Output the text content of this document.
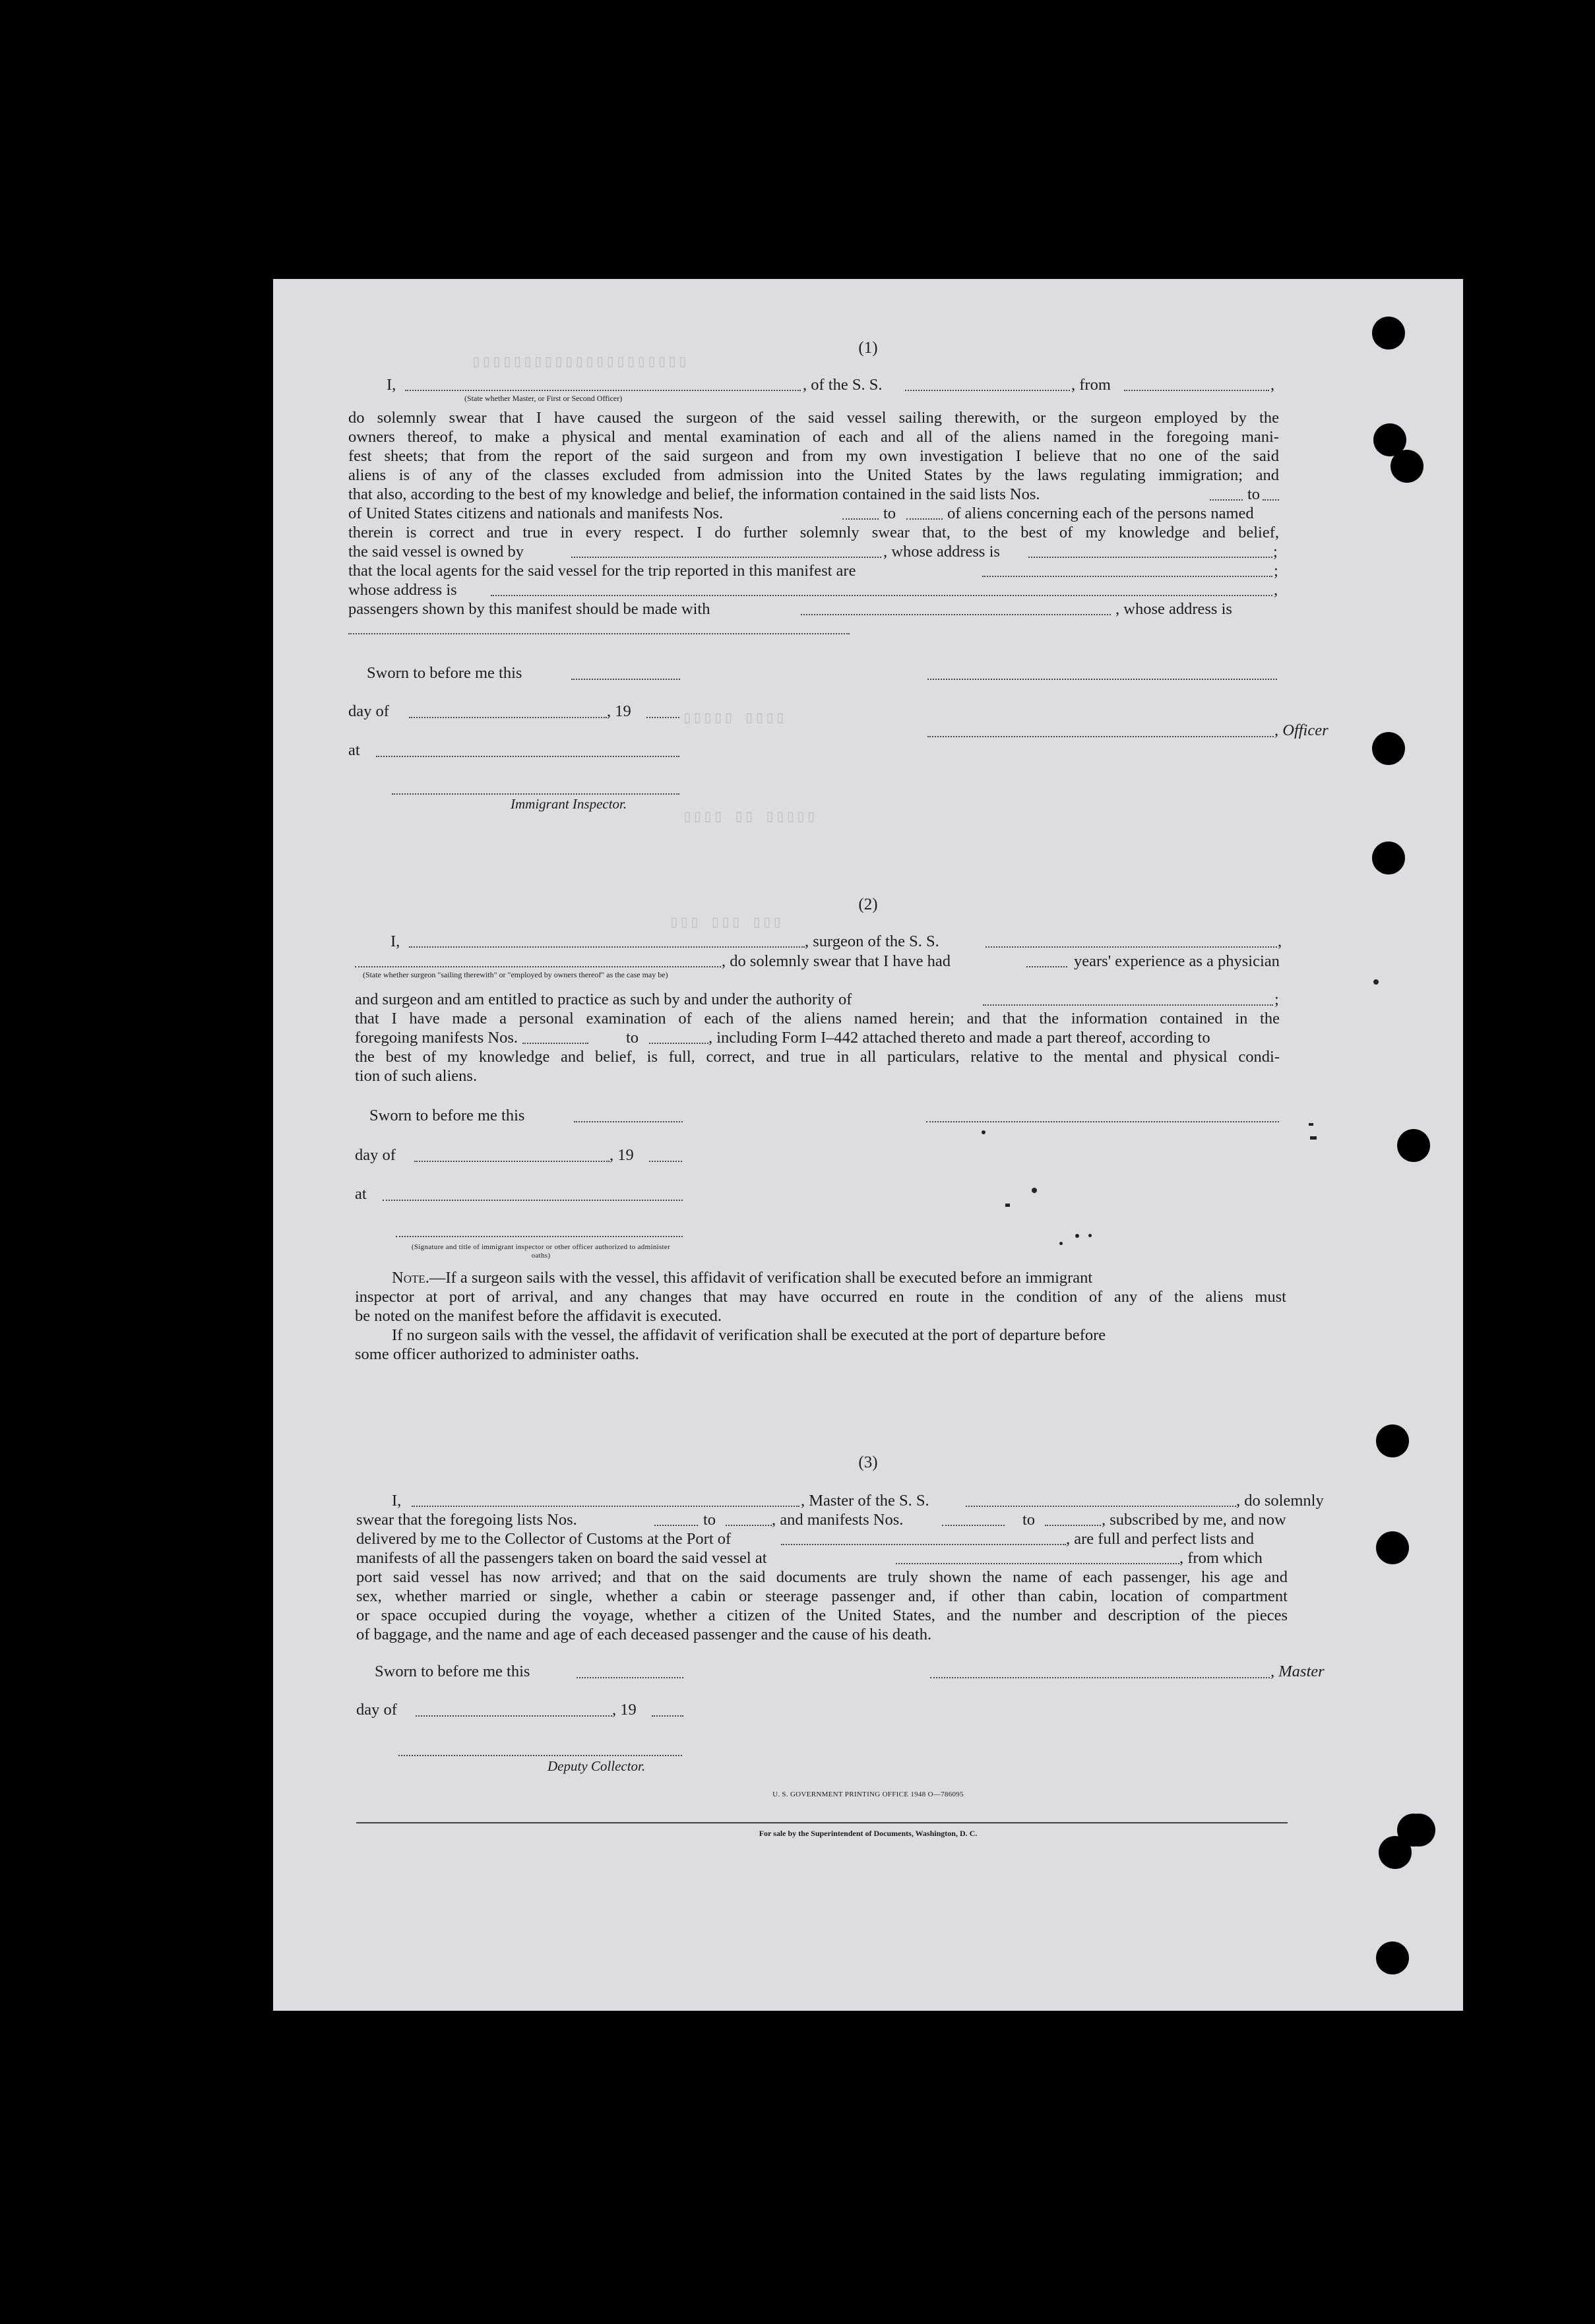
▯▯▯▯▯▯▯▯▯▯▯▯▯▯▯▯▯▯▯▯▯
▯▯▯▯▯ ▯▯▯▯
▯▯▯▯ ▯▯ ▯▯▯▯▯
▯▯▯ ▯▯▯ ▯▯▯
(1)
I,	, of the S. S.	, from	,
(State whether Master, or First or Second Officer)
do solemnly swear that I have caused the surgeon of the said vessel sailing therewith, or the surgeon employed by the
owners thereof, to make a physical and mental examination of each and all of the aliens named in the foregoing mani-
fest sheets; that from the report of the said surgeon and from my own investigation I believe that no one of the said
aliens is of any of the classes excluded from admission into the United States by the laws regulating immigration; and
that also, according to the best of my knowledge and belief, the information contained in the said lists Nos.	to
of United States citizens and nationals and manifests Nos.	to	of aliens concerning each of the persons named
therein is correct and true in every respect. I do further solemnly swear that, to the best of my knowledge and belief,
the said vessel is owned by	, whose address is	;
that the local agents for the said vessel for the trip reported in this manifest are	;
whose address is	,
passengers shown by this manifest should be made with	, whose address is
Sworn to before me this
day of	, 19
, Officer
at
Immigrant Inspector.
(2)
I,	, surgeon of the S. S.	,
, do solemnly swear that I have had	years' experience as a physician
(State whether surgeon "sailing therewith" or "employed by owners thereof" as the case may be)
and surgeon and am entitled to practice as such by and under the authority of	;
that I have made a personal examination of each of the aliens named herein; and that the information contained in the
foregoing manifests Nos.	to	, including Form I–442 attached thereto and made a part thereof, according to
the best of my knowledge and belief, is full, correct, and true in all particulars, relative to the mental and physical condi-
tion of such aliens.
Sworn to before me this
day of	, 19
at
(Signature and title of immigrant inspector or other officer authorized to administer oaths)
Note.—If a surgeon sails with the vessel, this affidavit of verification shall be executed before an immigrant
inspector at port of arrival, and any changes that may have occurred en route in the condition of any of the aliens must
be noted on the manifest before the affidavit is executed.
If no surgeon sails with the vessel, the affidavit of verification shall be executed at the port of departure before
some officer authorized to administer oaths.
(3)
I,	, Master of the S. S.	, do solemnly
swear that the foregoing lists Nos.	to	, and manifests Nos.	to	, subscribed by me, and now
delivered by me to the Collector of Customs at the Port of	, are full and perfect lists and
manifests of all the passengers taken on board the said vessel at	, from which
port said vessel has now arrived; and that on the said documents are truly shown the name of each passenger, his age and
sex, whether married or single, whether a cabin or steerage passenger and, if other than cabin, location of compartment
or space occupied during the voyage, whether a citizen of the United States, and the number and description of the pieces
of baggage, and the name and age of each deceased passenger and the cause of his death.
Sworn to before me this	, Master
day of	, 19
Deputy Collector.
U. S. GOVERNMENT PRINTING OFFICE 1948 O—786095
For sale by the Superintendent of Documents, Washington, D. C.
